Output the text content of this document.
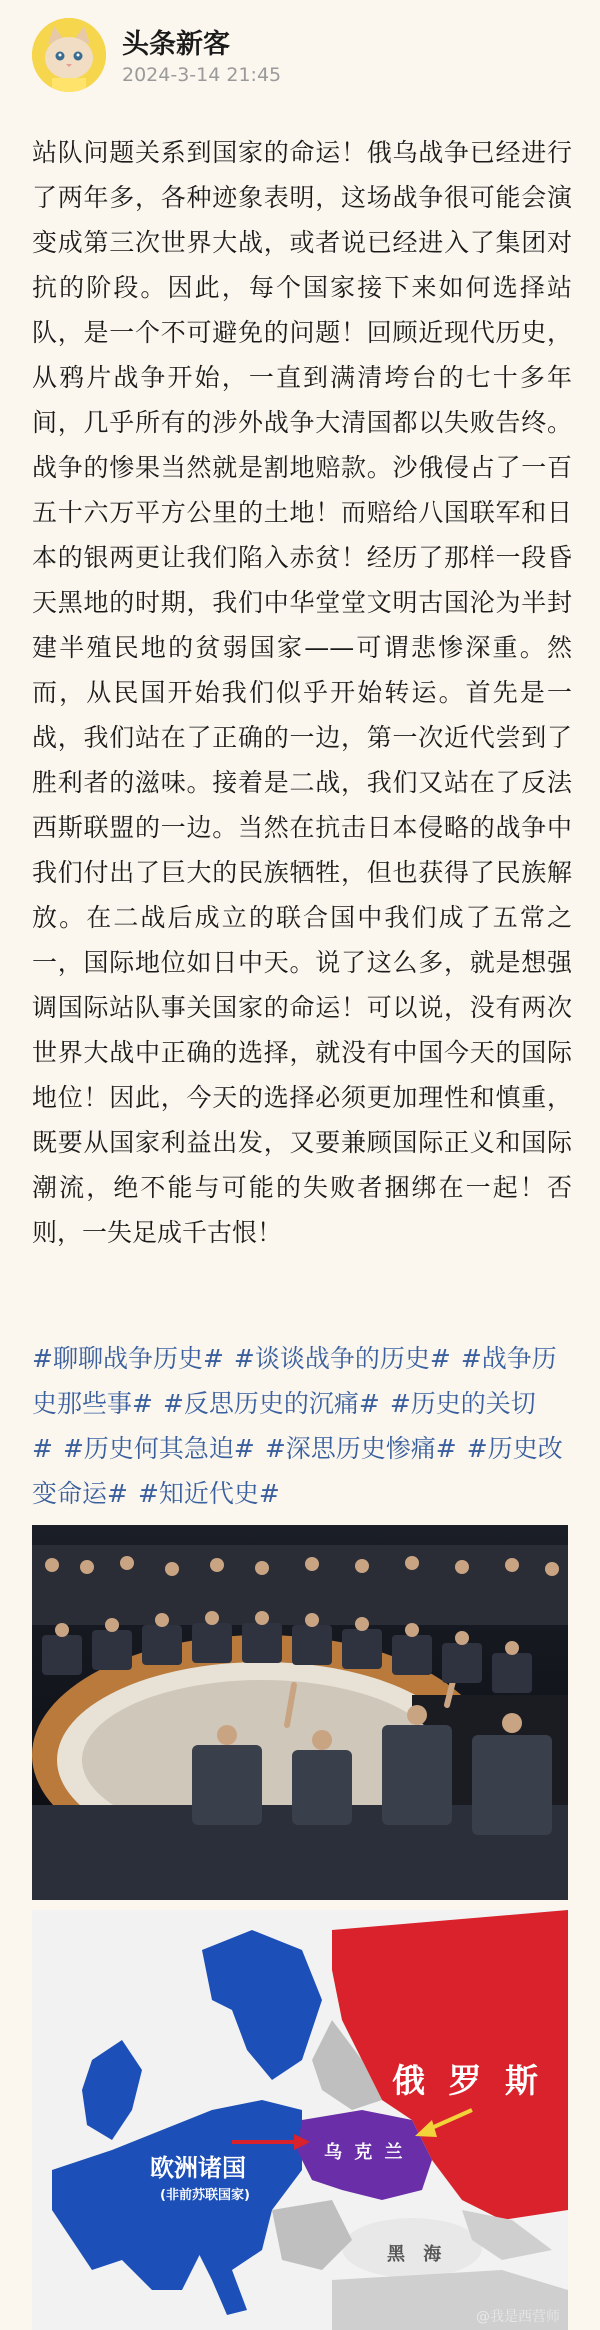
头条新客
2024-3-14 21:45

站队问题关系到国家的命运！俄乌战争已经进行了两年多，各种迹象表明，这场战争很可能会演变成第三次世界大战，或者说已经进入了集团对抗的阶段。因此，每个国家接下来如何选择站队，是一个不可避免的问题！回顾近现代历史，从鸦片战争开始，一直到满清垮台的七十多年间，几乎所有的涉外战争大清国都以失败告终。战争的惨果当然就是割地赔款。沙俄侵占了一百五十六万平方公里的土地！而赔给八国联军和日本的银两更让我们陷入赤贫！经历了那样一段昏天黑地的时期，我们中华堂堂文明古国沦为半封建半殖民地的贫弱国家——可谓悲惨深重。然而，从民国开始我们似乎开始转运。首先是一战，我们站在了正确的一边，第一次近代尝到了胜利者的滋味。接着是二战，我们又站在了反法西斯联盟的一边。当然在抗击日本侵略的战争中我们付出了巨大的民族牺牲，但也获得了民族解放。在二战后成立的联合国中我们成了五常之一，国际地位如日中天。说了这么多，就是想强调国际站队事关国家的命运！可以说，没有两次世界大战中正确的选择，就没有中国今天的国际地位！因此，今天的选择必须更加理性和慎重，既要从国家利益出发，又要兼顾国际正义和国际潮流，绝不能与可能的失败者捆绑在一起！否则，一失足成千古恨！

#聊聊战争历史# #谈谈战争的历史# #战争历史那些事# #反思历史的沉痛# #历史的关切# #历史何其急迫# #深思历史惨痛# #历史改变命运# #知近代史#
俄 罗 斯
欧洲诸国
(非前苏联国家)
乌 克 兰
黑 海
@我是西营师
